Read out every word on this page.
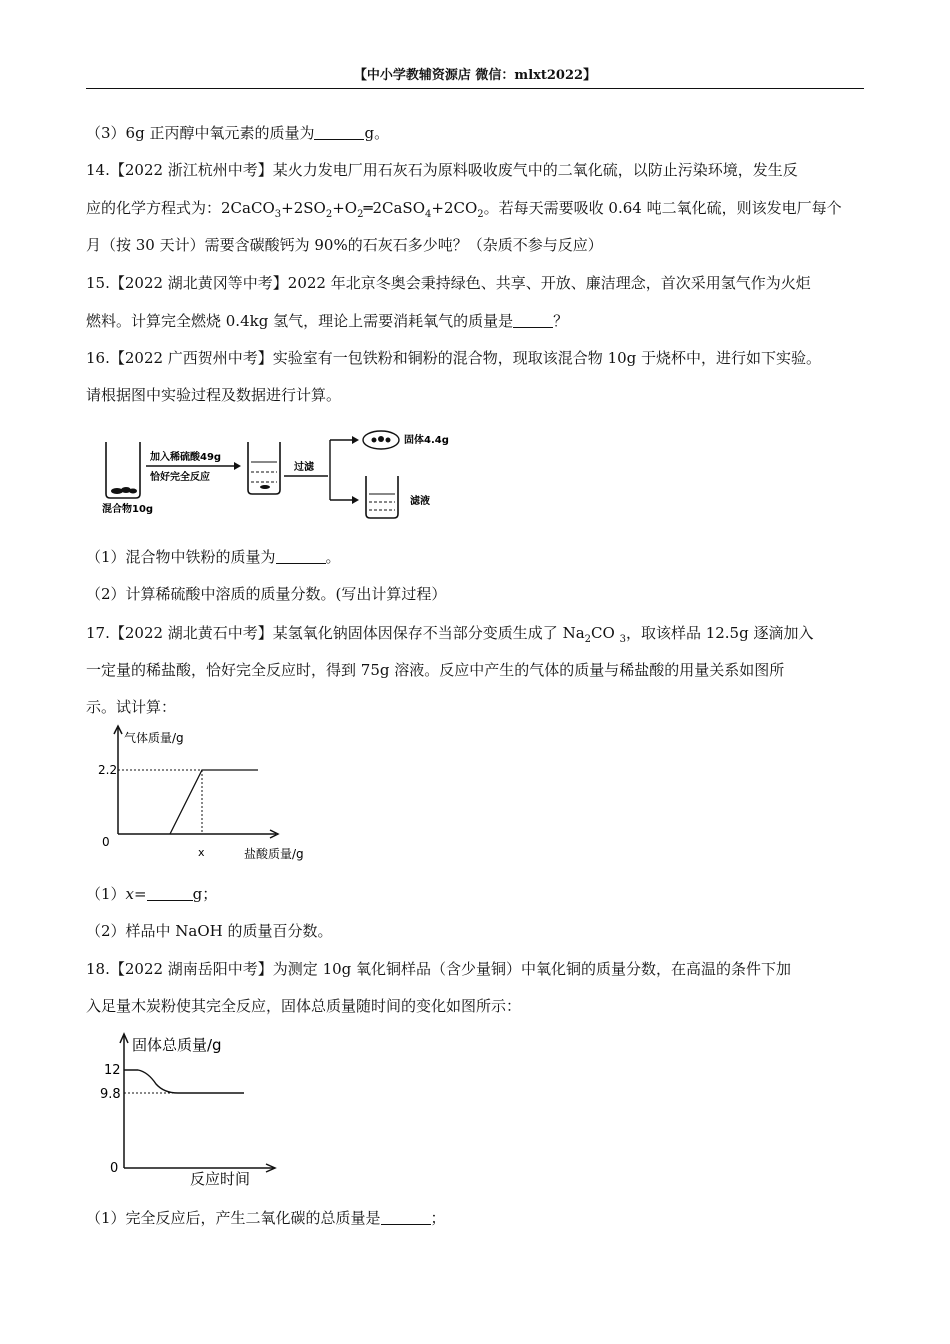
【中小学教辅资源店 微信：mlxt2022】
（3）6g 正丙醇中氧元素的质量为	g。
14.【2022 浙江杭州中考】某火力发电厂用石灰石为原料吸收废气中的二氧化硫，以防止污染环境，发生反
应的化学方程式为：$2CaCO_3+2SO_2+O_2═2CaSO_4+2CO_2$。若每天需要吸收 0.64 吨二氧化硫，则该发电厂每个
月（按 30 天计）需要含碳酸钙为 90%的石灰石多少吨？（杂质不参与反应）
15.【2022 湖北黄冈等中考】2022 年北京冬奥会秉持绿色、共享、开放、廉洁理念，首次采用氢气作为火炬
燃料。计算完全燃烧 0.4kg 氢气，理论上需要消耗氧气的质量是	？
16.【2022 广西贺州中考】实验室有一包铁粉和铜粉的混合物，现取该混合物 10g 于烧杯中，进行如下实验。
请根据图中实验过程及数据进行计算。
混合物10g
加入稀硫酸49g
恰好完全反应
过滤
固体4.4g
滤液
（1）混合物中铁粉的质量为	。
（2）计算稀硫酸中溶质的质量分数。(写出计算过程）
17.【2022 湖北黄石中考】某氢氧化钠固体因保存不当部分变质生成了 $Na_2CO$ $_3$，取该样品 12.5g 逐滴加入
一定量的稀盐酸，恰好完全反应时，得到 75g 溶液。反应中产生的气体的质量与稀盐酸的用量关系如图所
示。试计算：
气体质量/g
盐酸质量/g
2.2
0
x
（1）x=	g；
（2）样品中 NaOH 的质量百分数。
18.【2022 湖南岳阳中考】为测定 10g 氧化铜样品（含少量铜）中氧化铜的质量分数，在高温的条件下加
入足量木炭粉使其完全反应，固体总质量随时间的变化如图所示：
固体总质量/g
反应时间
12
9.8
0
（1）完全反应后，产生二氧化碳的总质量是	；
